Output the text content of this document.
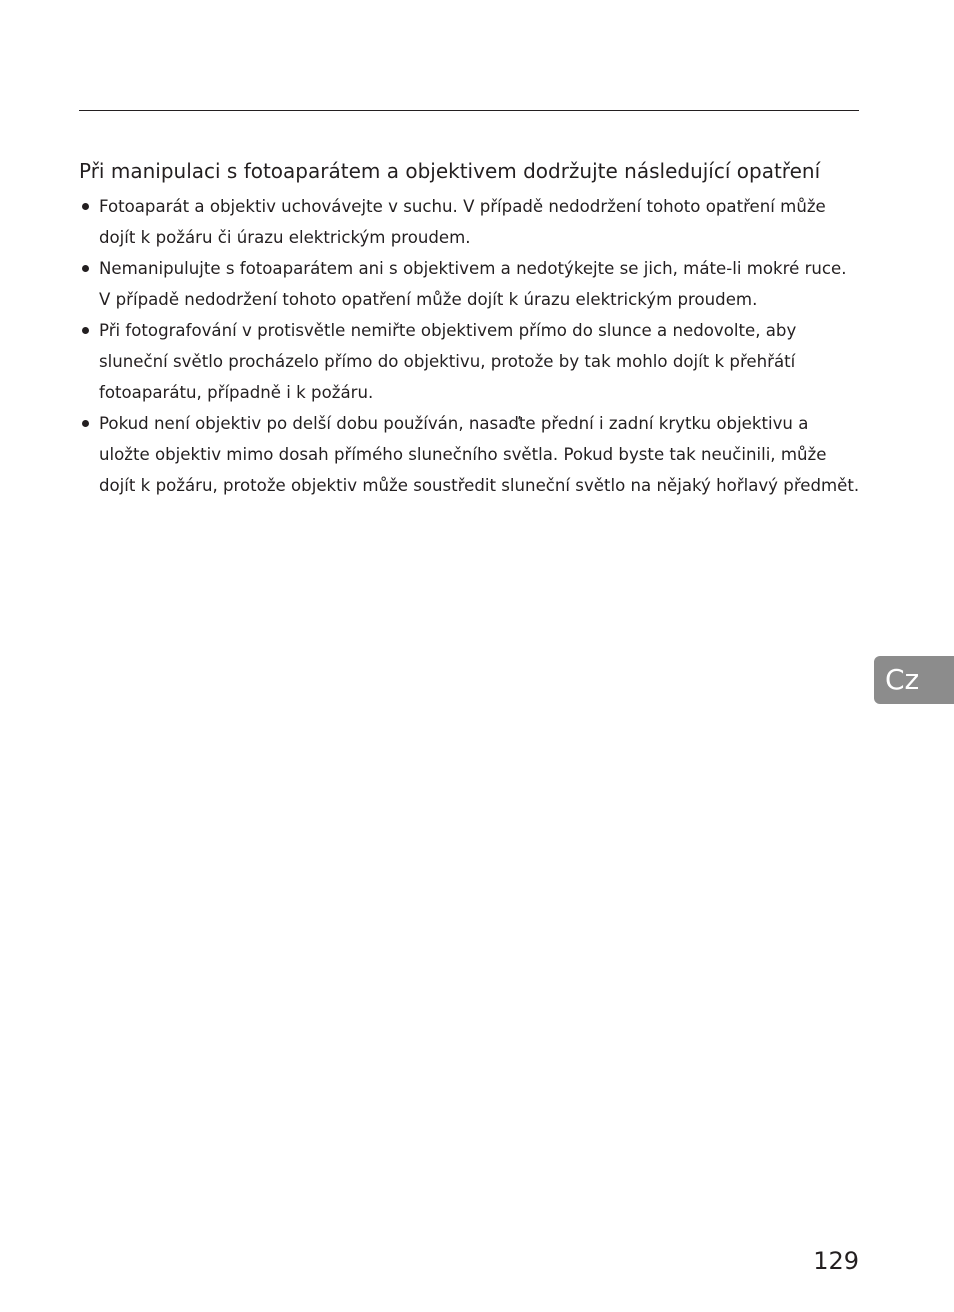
Při manipulaci s fotoaparátem a objektivem dodržujte následující opatření
Fotoaparát a objektiv uchovávejte v suchu. V případě nedodržení tohoto opatření může dojít k požáru či úrazu elektrickým proudem.
Nemanipulujte s fotoaparátem ani s objektivem a nedotýkejte se jich, máte-li mokré ruce. V případě nedodržení tohoto opatření může dojít k úrazu elektrickým proudem.
Při fotografování v protisvětle nemiřte objektivem přímo do slunce a nedovolte, aby sluneční světlo procházelo přímo do objektivu, protože by tak mohlo dojít k přehřátí fotoaparátu, případně i k požáru.
Pokud není objektiv po delší dobu používán, nasaďte přední i zadní krytku objektivu a uložte objektiv mimo dosah přímého slunečního světla. Pokud byste tak neučinili, může dojít k požáru, protože objektiv může soustředit sluneční světlo na nějaký hořlavý předmět.
Cz
129
